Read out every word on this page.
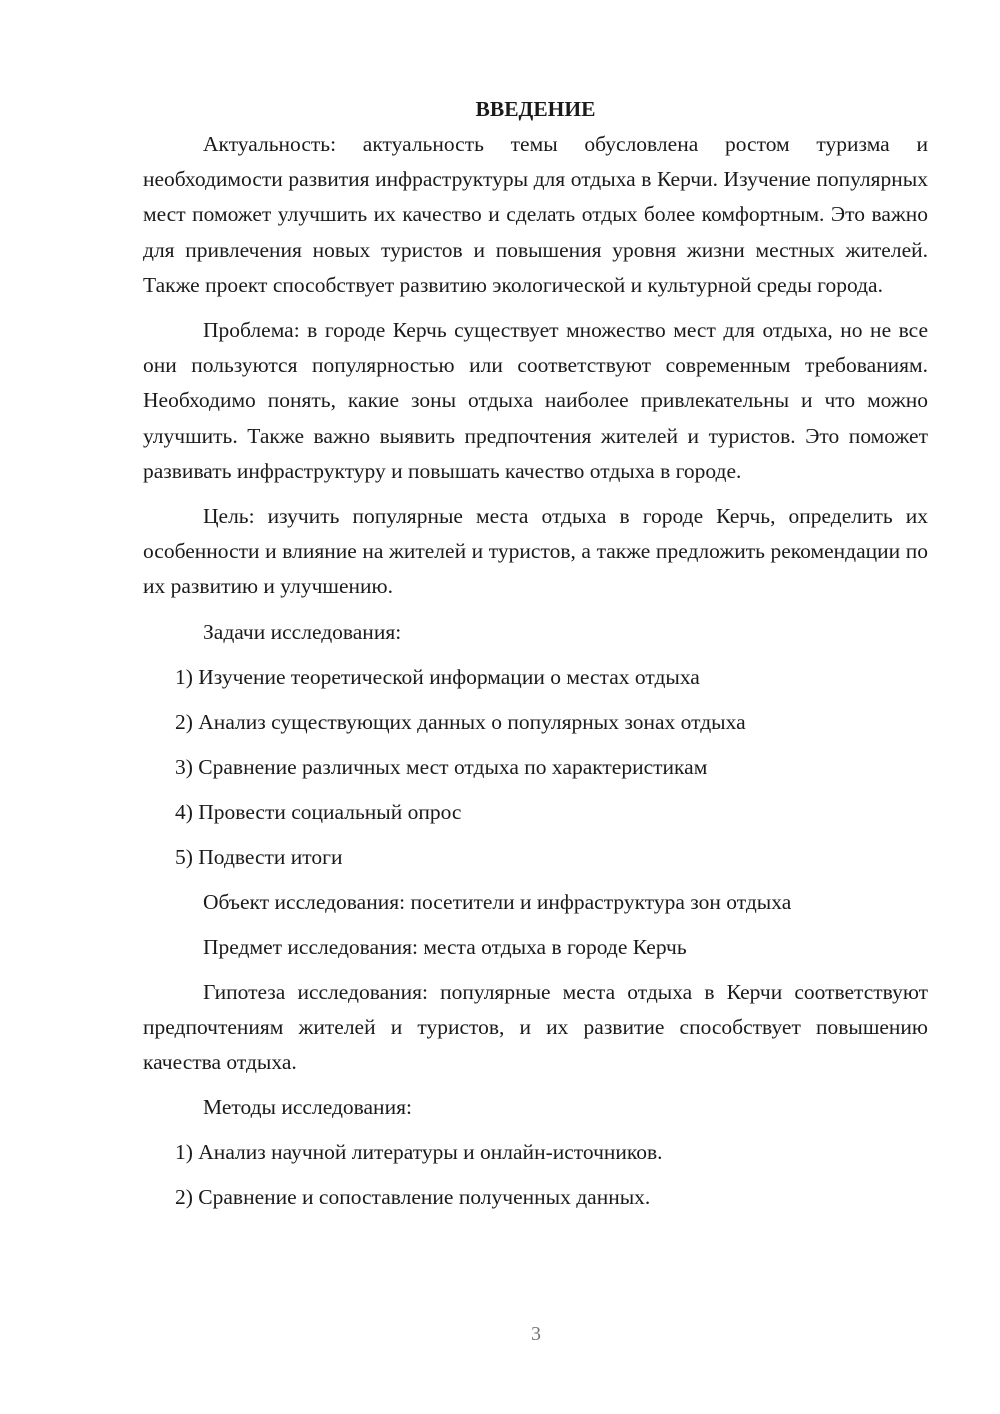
ВВЕДЕНИЕ

Актуальность: актуальность темы обусловлена ростом туризма и необходимости развития инфраструктуры для отдыха в Керчи. Изучение популярных мест поможет улучшить их качество и сделать отдых более комфортным. Это важно для привлечения новых туристов и повышения уровня жизни местных жителей. Также проект способствует развитию экологической и культурной среды города.

Проблема: в городе Керчь существует множество мест для отдыха, но не все они пользуются популярностью или соответствуют современным требованиям. Необходимо понять, какие зоны отдыха наиболее привлекательны и что можно улучшить. Также важно выявить предпочтения жителей и туристов. Это поможет развивать инфраструктуру и повышать качество отдыха в городе.

Цель: изучить популярные места отдыха в городе Керчь, определить их особенности и влияние на жителей и туристов, а также предложить рекомендации по их развитию и улучшению.

Задачи исследования:

1) Изучение теоретической информации о местах отдыха

2) Анализ существующих данных о популярных зонах отдыха

3) Сравнение различных мест отдыха по характеристикам

4) Провести социальный опрос

5) Подвести итоги

Объект исследования: посетители и инфраструктура зон отдыха

Предмет исследования: места отдыха в городе Керчь

Гипотеза исследования: популярные места отдыха в Керчи соответствуют предпочтениям жителей и туристов, и их развитие способствует повышению качества отдыха.

Методы исследования:

1) Анализ научной литературы и онлайн-источников.

2) Сравнение и сопоставление полученных данных.

3
